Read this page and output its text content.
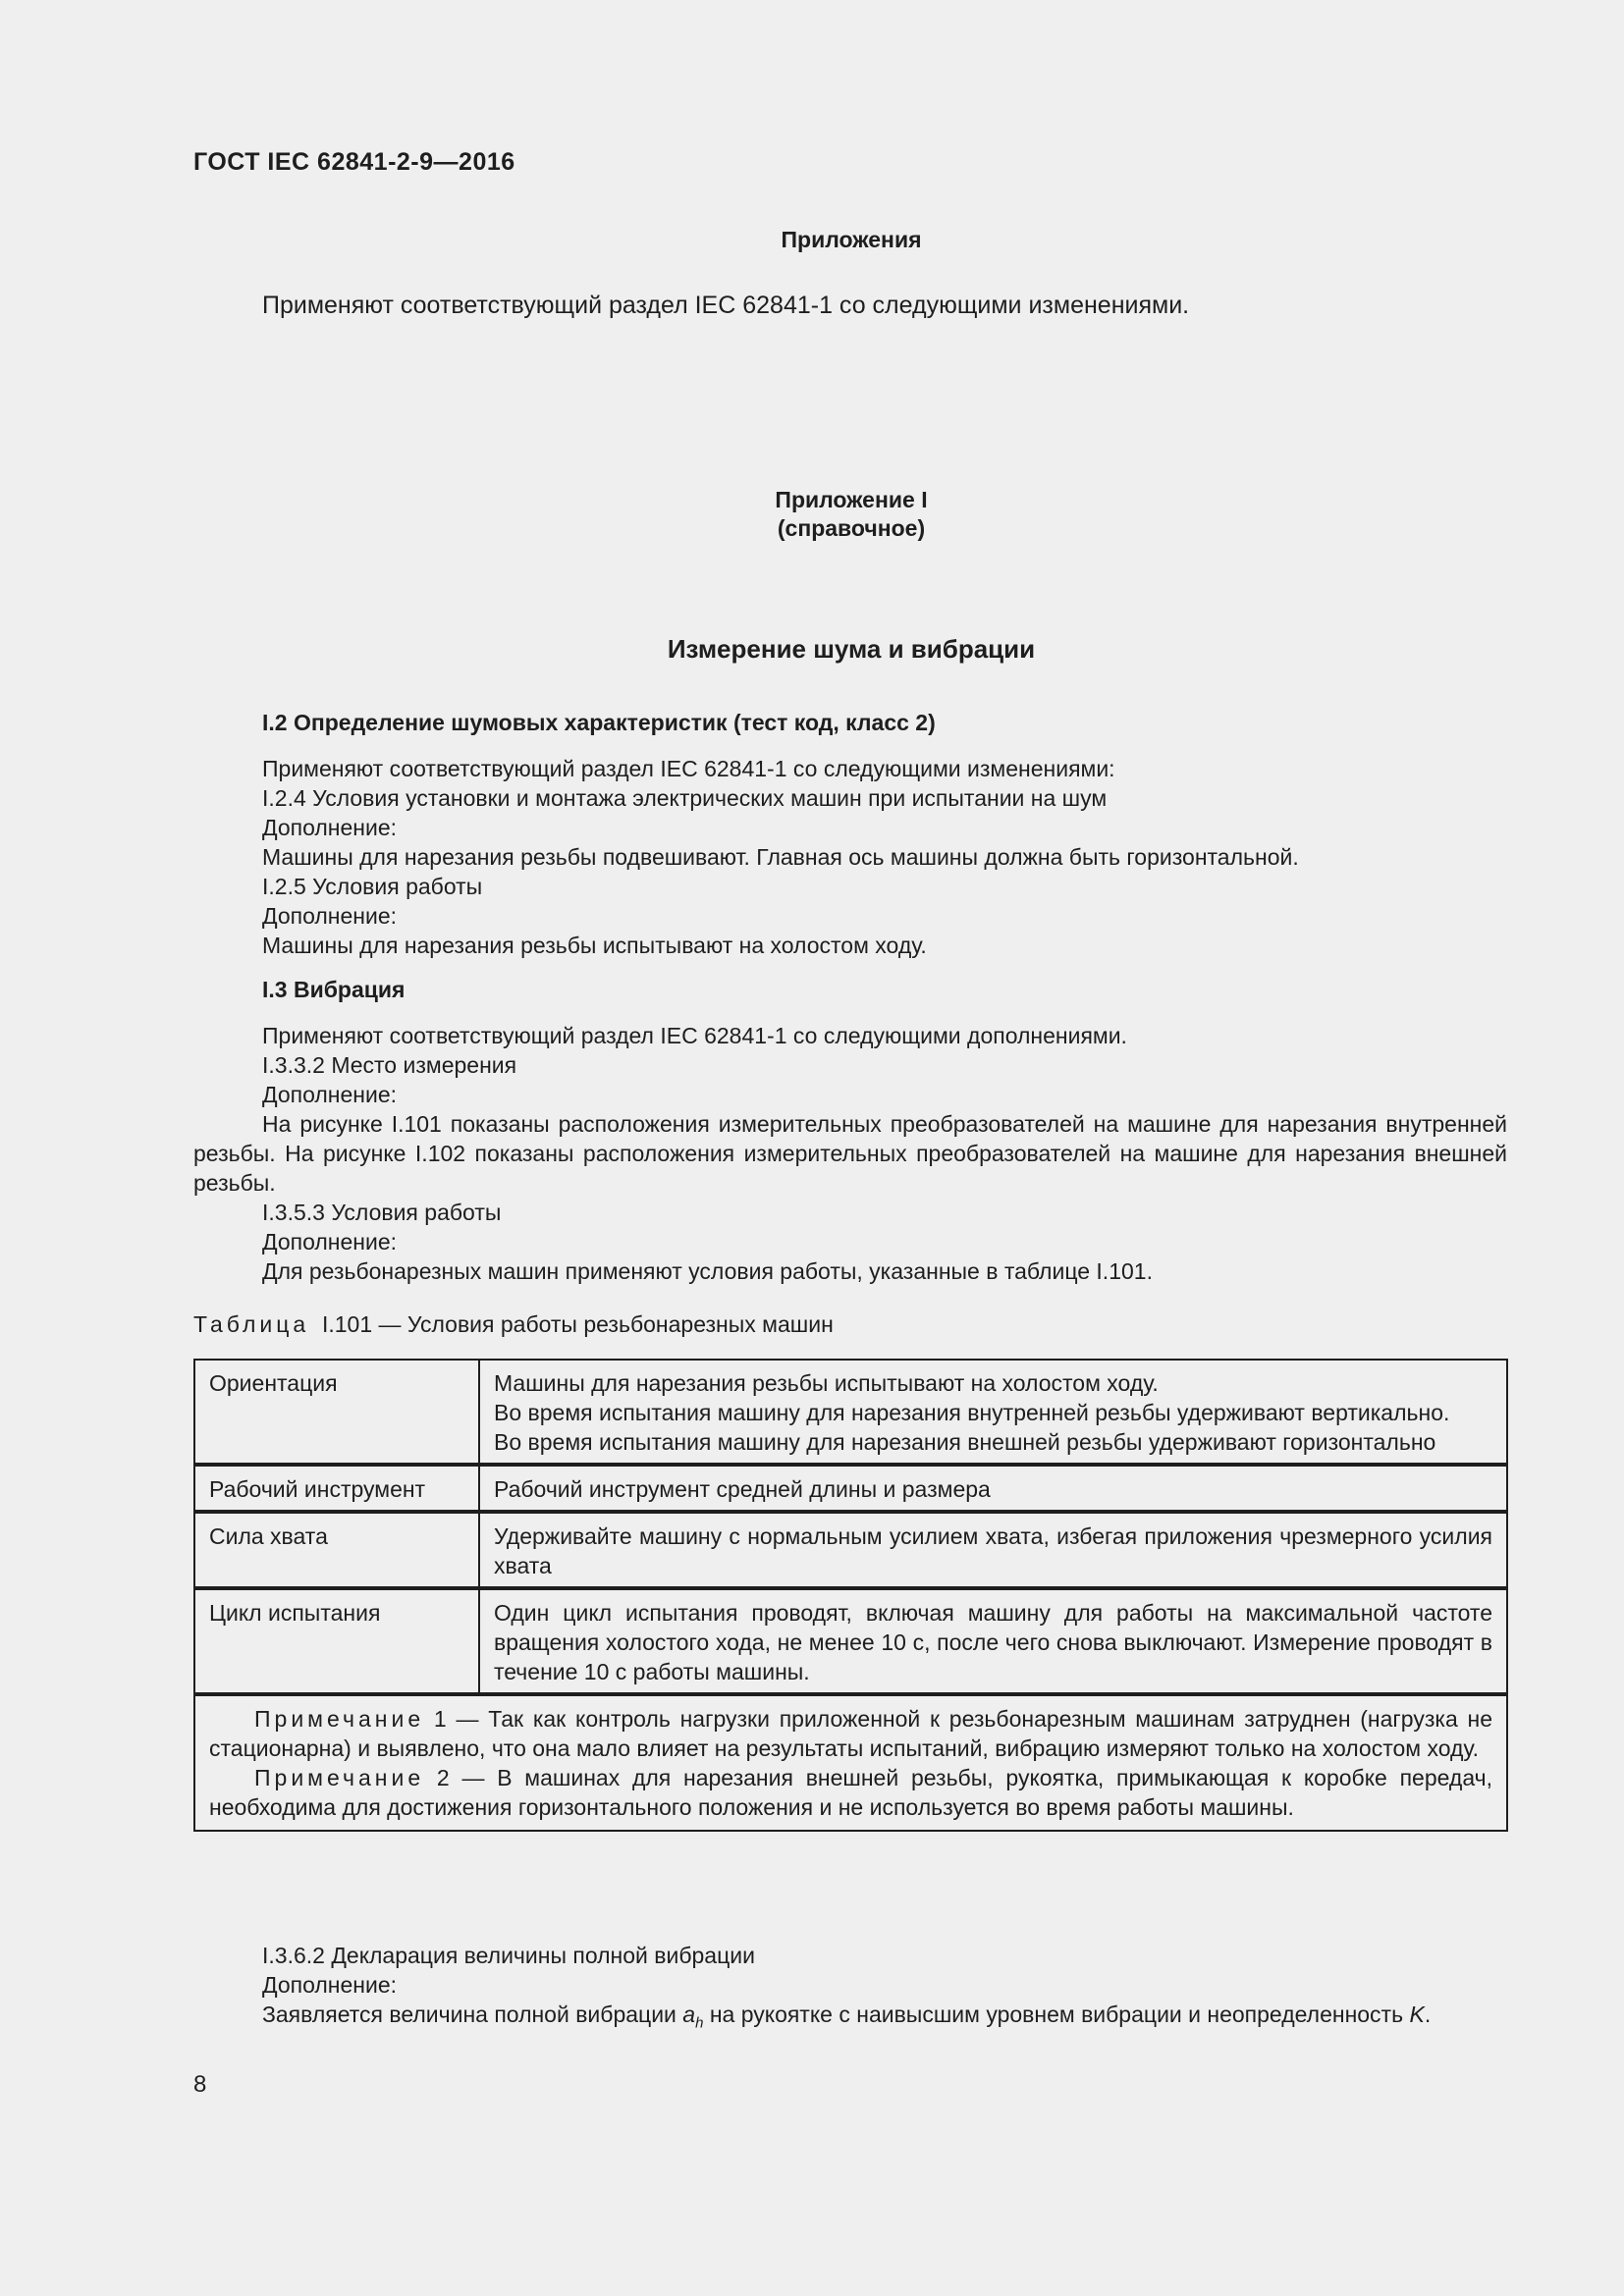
ГОСТ IEC 62841-2-9—2016
Приложения
Применяют соответствующий раздел IEC 62841-1 со следующими изменениями.
Приложение I
(справочное)
Измерение шума и вибрации
I.2 Определение шумовых характеристик (тест код, класс 2)
Применяют соответствующий раздел IEC 62841-1 со следующими изменениями:
I.2.4 Условия установки и монтажа электрических машин при испытании на шум
Дополнение:
Машины для нарезания резьбы подвешивают. Главная ось машины должна быть горизонтальной.
I.2.5 Условия работы
Дополнение:
Машины для нарезания резьбы испытывают на холостом ходу.
I.3 Вибрация
Применяют соответствующий раздел IEC 62841-1 со следующими дополнениями.
I.3.3.2 Место измерения
Дополнение:
На рисунке I.101 показаны расположения измерительных преобразователей на машине для нарезания внутренней резьбы. На рисунке I.102 показаны расположения измерительных преобразователей на машине для нарезания внешней резьбы.
I.3.5.3 Условия работы
Дополнение:
Для резьбонарезных машин применяют условия работы, указанные в таблице I.101.
Таблица I.101 — Условия работы резьбонарезных машин
Ориентация	Машины для нарезания резьбы испытывают на холостом ходу.
Во время испытания машину для нарезания внутренней резьбы удерживают вертикально.
Во время испытания машину для нарезания внешней резьбы удерживают горизонтально

Рабочий инструмент	Рабочий инструмент средней длины и размера

Сила хвата	Удерживайте машину с нормальным усилием хвата, избегая приложения чрезмерного усилия хвата

Цикл испытания	Один цикл испытания проводят, включая машину для работы на максимальной частоте вращения холостого хода, не менее 10 с, после чего снова выключают. Измерение проводят в течение 10 с работы машины.

Примечание 1 — Так как контроль нагрузки приложенной к резьбонарезным машинам затруднен (нагрузка не стационарна) и выявлено, что она мало влияет на результаты испытаний, вибрацию измеряют только на холостом ходу.
Примечание 2 — В машинах для нарезания внешней резьбы, рукоятка, примыкающая к коробке передач, необходима для достижения горизонтального положения и не используется во время работы машины.	
I.3.6.2 Декларация величины полной вибрации
Дополнение:
Заявляется величина полной вибрации $a_h$ на рукоятке с наивысшим уровнем вибрации и неопределенность K.
8
